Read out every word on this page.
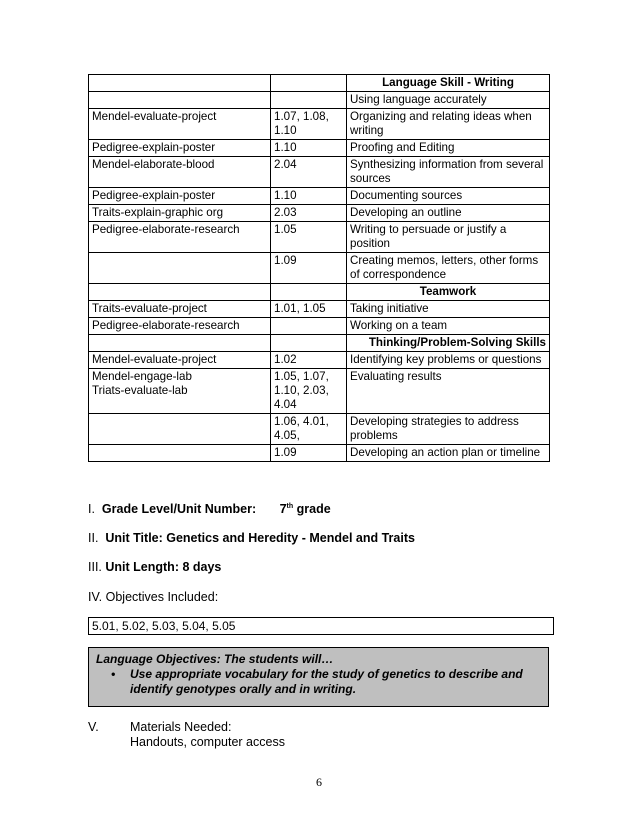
		Language Skill - Writing
		Using language accurately
Mendel-evaluate-project	1.07, 1.08, 1.10	Organizing and relating ideas when writing
Pedigree-explain-poster	1.10	Proofing and Editing
Mendel-elaborate-blood	2.04	Synthesizing information from several sources
Pedigree-explain-poster	1.10	Documenting sources
Traits-explain-graphic org	2.03	Developing an outline
Pedigree-elaborate-research	1.05	Writing to persuade or justify a position
	1.09	Creating memos, letters, other forms of correspondence
		Teamwork
Traits-evaluate-project	1.01, 1.05	Taking initiative
Pedigree-elaborate-research		Working on a team
		Thinking/Problem-Solving Skills
Mendel-evaluate-project	1.02	Identifying key problems or questions
Mendel-engage-lab
Triats-evaluate-lab	1.05, 1.07, 1.10, 2.03, 4.04	Evaluating results
	1.06, 4.01, 4.05,	Developing strategies to address problems
	1.09	Developing an action plan or timeline
I. Grade Level/Unit Number: 7th grade
II. Unit Title: Genetics and Heredity - Mendel and Traits
III. Unit Length: 8 days
IV. Objectives Included:
5.01, 5.02, 5.03, 5.04, 5.05
Language Objectives: The students will…
• Use appropriate vocabulary for the study of genetics to describe and identify genotypes orally and in writing.
V.	Materials Needed:
Handouts, computer access
6
